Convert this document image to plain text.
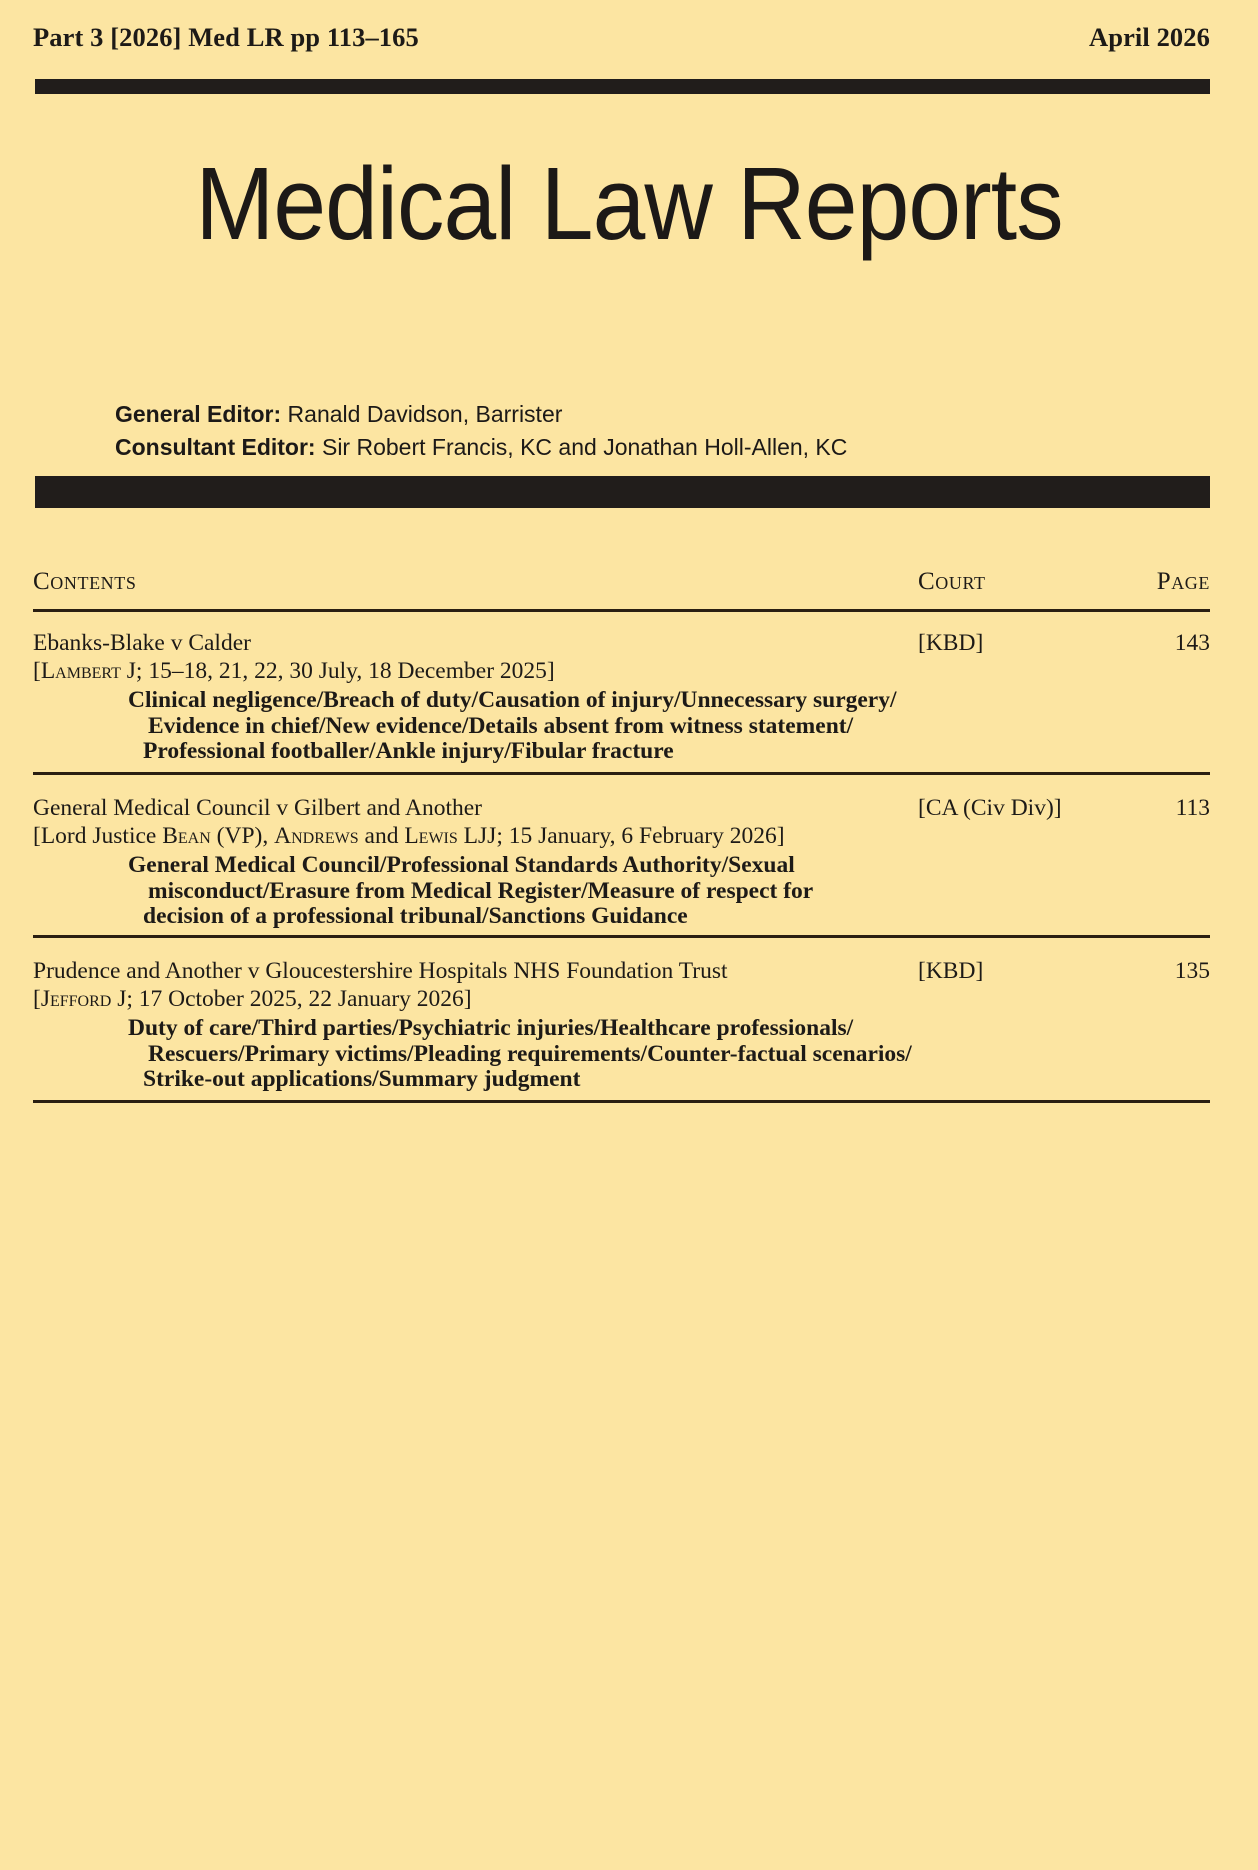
Part 3 [2026] Med LR pp 113–165	April 2026
Medical Law Reports
General Editor: Ranald Davidson, Barrister
Consultant Editor: Sir Robert Francis, KC and Jonathan Holl-Allen, KC
Contents	Court	Page
Ebanks-Blake v Calder	[KBD]	143
[Lambert J; 15–18, 21, 22, 30 July, 18 December 2025]
Clinical negligence/Breach of duty/Causation of injury/Unnecessary surgery/
Evidence in chief/New evidence/Details absent from witness statement/
Professional footballer/Ankle injury/Fibular fracture
General Medical Council v Gilbert and Another	[CA (Civ Div)]	113
[Lord Justice Bean (VP), Andrews and Lewis LJJ; 15 January, 6 February 2026]
General Medical Council/Professional Standards Authority/Sexual
misconduct/Erasure from Medical Register/Measure of respect for
decision of a professional tribunal/Sanctions Guidance
Prudence and Another v Gloucestershire Hospitals NHS Foundation Trust	[KBD]	135
[Jefford J; 17 October 2025, 22 January 2026]
Duty of care/Third parties/Psychiatric injuries/Healthcare professionals/
Rescuers/Primary victims/Pleading requirements/Counter-factual scenarios/
Strike-out applications/Summary judgment
